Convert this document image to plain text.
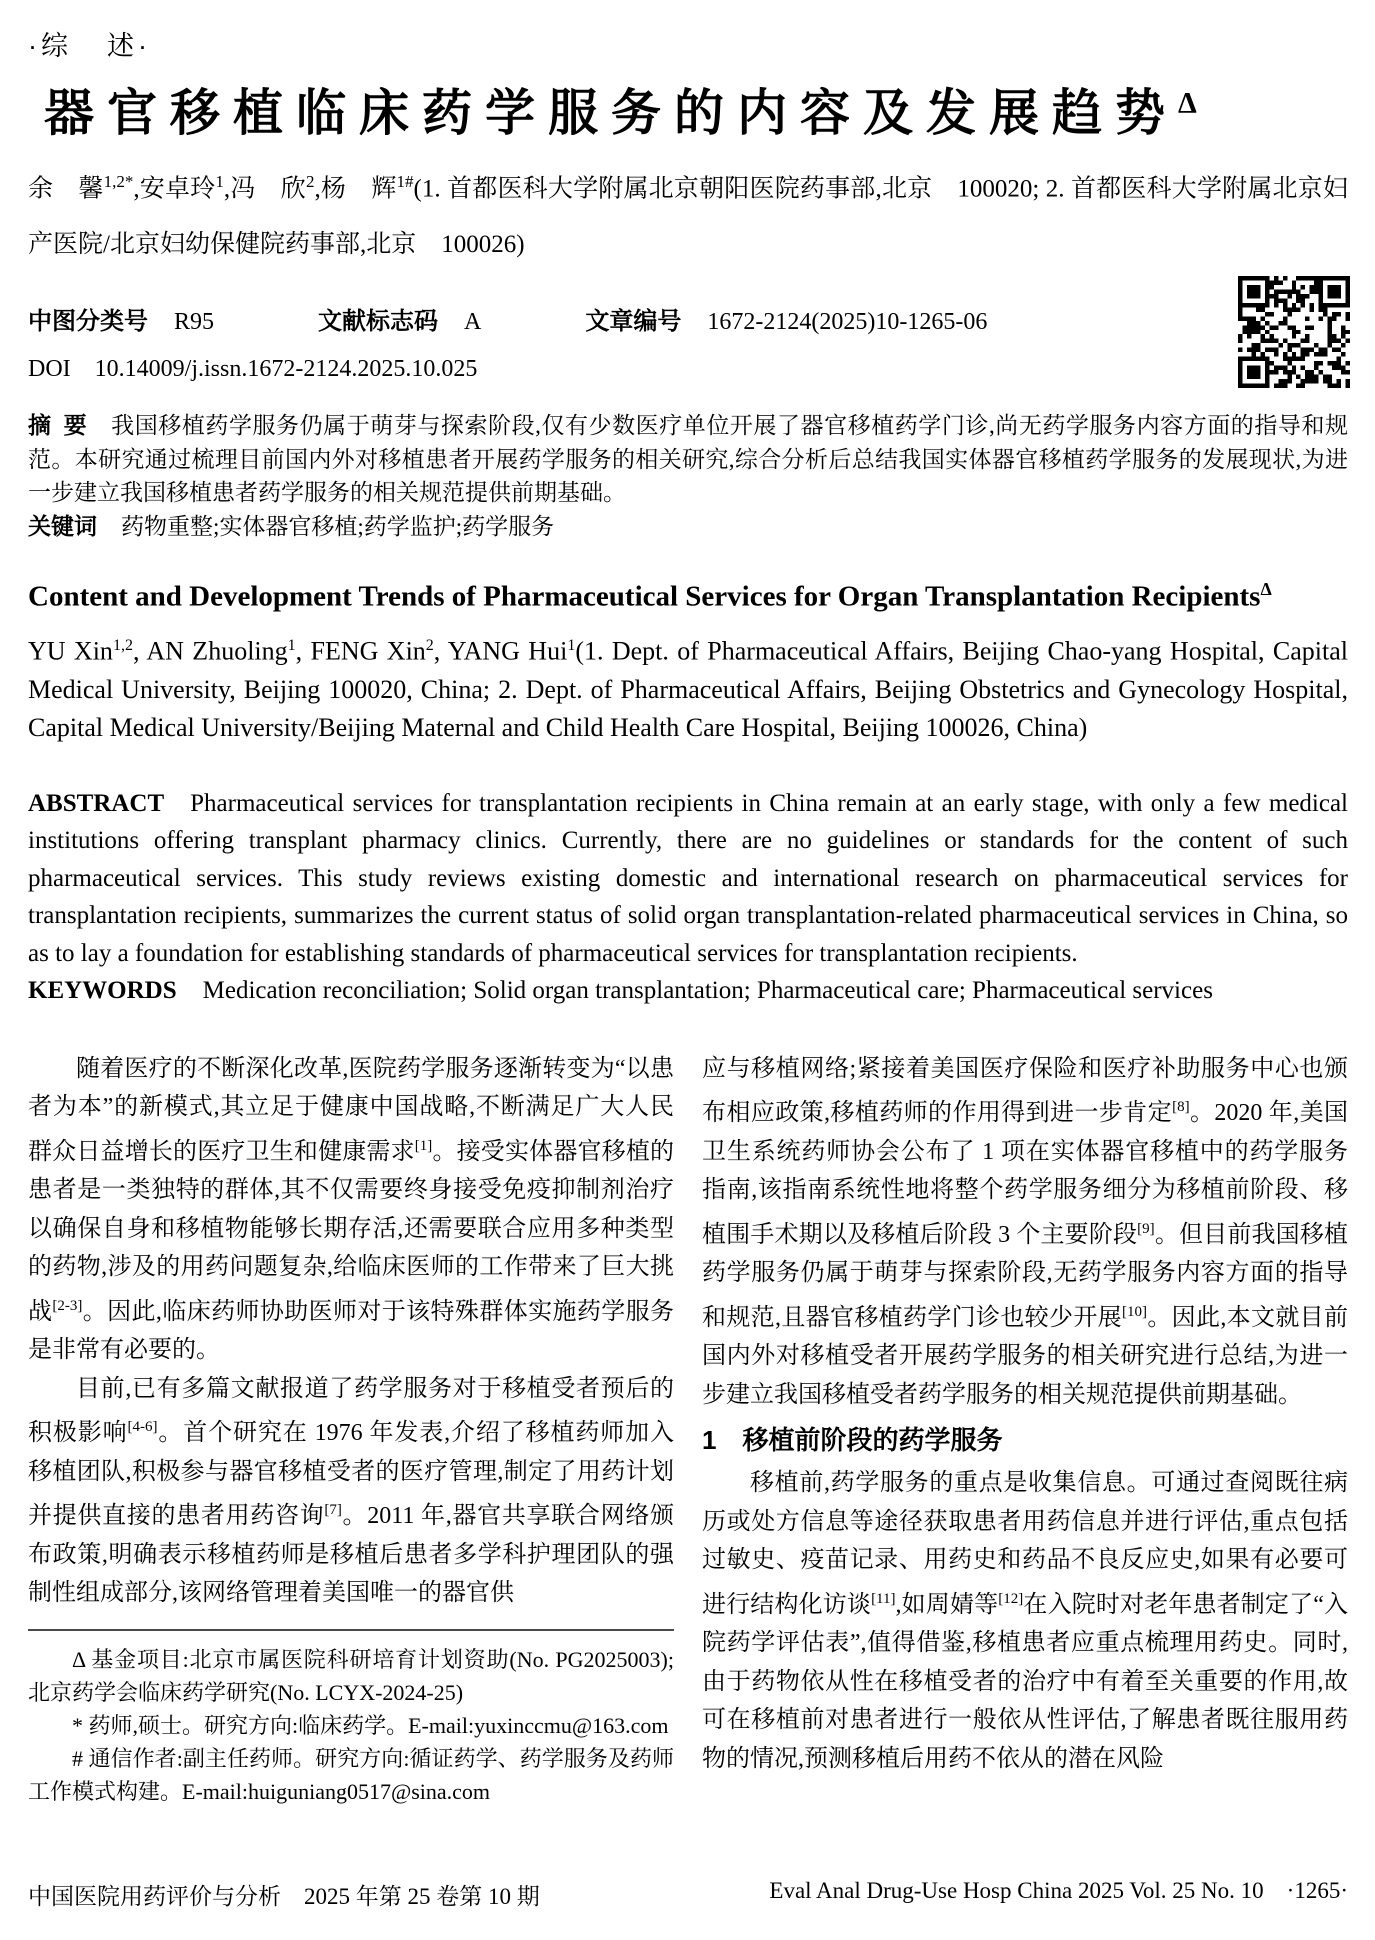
·综  述·
器官移植临床药学服务的内容及发展趋势$^\Delta$
余  馨$^{1,2*}$,安卓玲$^1$,冯  欣$^2$,杨  辉$^{1\#}$(1. 首都医科大学附属北京朝阳医院药事部,北京  100020; 2. 首都医科大学附属北京妇产医院/北京妇幼保健院药事部,北京  100026)
中图分类号 R95	文献标志码 A	文章编号 1672-2124(2025)10-1265-06
DOI 10.14009/j.issn.1672-2124.2025.10.025

摘 要 我国移植药学服务仍属于萌芽与探索阶段,仅有少数医疗单位开展了器官移植药学门诊,尚无药学服务内容方面的指导和规范。本研究通过梳理目前国内外对移植患者开展药学服务的相关研究,综合分析后总结我国实体器官移植药学服务的发展现状,为进一步建立我国移植患者药学服务的相关规范提供前期基础。

关键词 药物重整;实体器官移植;药学监护;药学服务

Content and Development Trends of Pharmaceutical Services for Organ Transplantation Recipients$^\Delta$
YU Xin$^{1,2}$, AN Zhuoling$^1$, FENG Xin$^2$, YANG Hui$^1$(1. Dept. of Pharmaceutical Affairs, Beijing Chao-yang Hospital, Capital Medical University, Beijing 100020, China; 2. Dept. of Pharmaceutical Affairs, Beijing Obstetrics and Gynecology Hospital, Capital Medical University/Beijing Maternal and Child Health Care Hospital, Beijing 100026, China)

ABSTRACT Pharmaceutical services for transplantation recipients in China remain at an early stage, with only a few medical institutions offering transplant pharmacy clinics. Currently, there are no guidelines or standards for the content of such pharmaceutical services. This study reviews existing domestic and international research on pharmaceutical services for transplantation recipients, summarizes the current status of solid organ transplantation-related pharmaceutical services in China, so as to lay a foundation for establishing standards of pharmaceutical services for transplantation recipients.

KEYWORDS Medication reconciliation; Solid organ transplantation; Pharmaceutical care; Pharmaceutical services

随着医疗的不断深化改革,医院药学服务逐渐转变为“以患者为本”的新模式,其立足于健康中国战略,不断满足广大人民群众日益增长的医疗卫生和健康需求[1]。接受实体器官移植的患者是一类独特的群体,其不仅需要终身接受免疫抑制剂治疗以确保自身和移植物能够长期存活,还需要联合应用多种类型的药物,涉及的用药问题复杂,给临床医师的工作带来了巨大挑战[2-3]。因此,临床药师协助医师对于该特殊群体实施药学服务是非常有必要的。

目前,已有多篇文献报道了药学服务对于移植受者预后的积极影响[4-6]。首个研究在 1976 年发表,介绍了移植药师加入移植团队,积极参与器官移植受者的医疗管理,制定了用药计划并提供直接的患者用药咨询[7]。2011 年,器官共享联合网络颁布政策,明确表示移植药师是移植后患者多学科护理团队的强制性组成部分,该网络管理着美国唯一的器官供

Δ 基金项目:北京市属医院科研培育计划资助(No. PG2025003);北京药学会临床药学研究(No. LCYX-2024-25)

* 药师,硕士。研究方向:临床药学。E-mail:yuxinccmu@163.com

# 通信作者:副主任药师。研究方向:循证药学、药学服务及药师工作模式构建。E-mail:huiguniang0517@sina.com

应与移植网络;紧接着美国医疗保险和医疗补助服务中心也颁布相应政策,移植药师的作用得到进一步肯定[8]。2020 年,美国卫生系统药师协会公布了 1 项在实体器官移植中的药学服务指南,该指南系统性地将整个药学服务细分为移植前阶段、移植围手术期以及移植后阶段 3 个主要阶段[9]。但目前我国移植药学服务仍属于萌芽与探索阶段,无药学服务内容方面的指导和规范,且器官移植药学门诊也较少开展[10]。因此,本文就目前国内外对移植受者开展药学服务的相关研究进行总结,为进一步建立我国移植受者药学服务的相关规范提供前期基础。

1  移植前阶段的药学服务

移植前,药学服务的重点是收集信息。可通过查阅既往病历或处方信息等途径获取患者用药信息并进行评估,重点包括过敏史、疫苗记录、用药史和药品不良反应史,如果有必要可进行结构化访谈[11],如周婧等[12]在入院时对老年患者制定了“入院药学评估表”,值得借鉴,移植患者应重点梳理用药史。同时,由于药物依从性在移植受者的治疗中有着至关重要的作用,故可在移植前对患者进行一般依从性评估,了解患者既往服用药物的情况,预测移植后用药不依从的潜在风险

中国医院用药评价与分析  2025 年第 25 卷第 10 期	Eval Anal Drug-Use Hosp China 2025 Vol. 25 No. 10  ·1265·
